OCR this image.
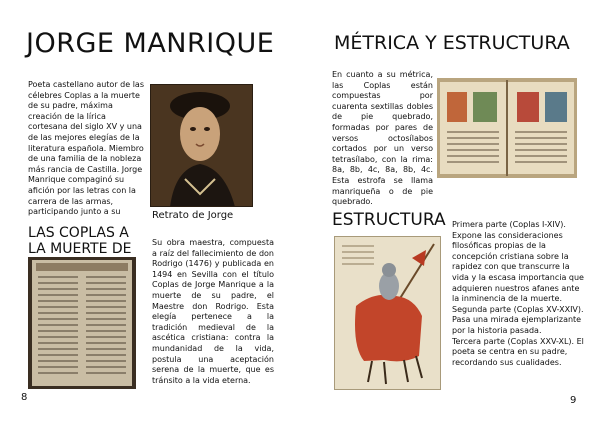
JORGE MANRIQUE
Poeta castellano autor de las célebres Coplas a la muerte de su padre, máxima creación de la lírica cortesana del siglo XV y una de las mejores elegías de la literatura española. Miembro de una familia de la nobleza más rancia de Castilla. Jorge Manrique compaginó su afición por las letras con la carrera de las armas, participando junto a su	Retrato de Jorge
LAS COPLAS A LA MUERTE DE	Su obra maestra, compuesta a raíz del fallecimiento de don Rodrigo (1476) y publicada en 1494 en Sevilla con el título Coplas de Jorge Manrique a la muerte de su padre, el Maestre don Rodrigo. Esta elegía pertenece a la tradición medieval de la ascética cristiana: contra la mundanidad de la vida, postula una aceptación serena de la muerte, que es tránsito a la vida eterna.
8
MÉTRICA Y ESTRUCTURA
En cuanto a su métrica, las Coplas están compuestas por cuarenta sextillas dobles de pie quebrado, formadas por pares de versos octosílabos cortados por un verso tetrasílabo, con la rima: 8a, 8b, 4c, 8a, 8b, 4c. Esta estrofa se llama manriqueña o de pie quebrado.
ESTRUCTURA Primera parte (Coplas I-XIV).
Expone las consideraciones filosóficas propias de la concepción cristiana sobre la rapidez con que transcurre la vida y la escasa importancia que adquieren nuestros afanes ante la inminencia de la muerte.
Segunda parte (Coplas XV-XXIV). Pasa una mirada ejemplarizante por la historia pasada.
Tercera parte (Coplas XXV-XL). El poeta se centra en su padre, recordando sus cualidades.
9
